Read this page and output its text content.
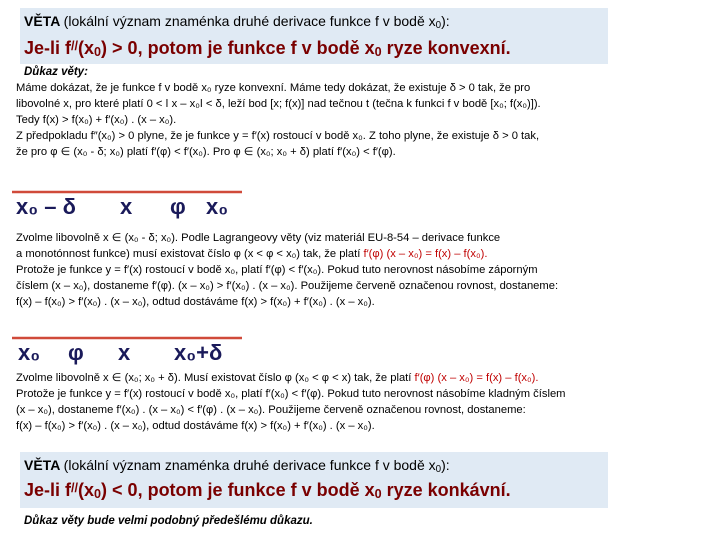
VĚTA (lokální význam znaménka druhé derivace funkce f v bodě $x_0$):
Je-li $f^{//}(x_0) > 0$, potom je funkce f v bodě $x_0$ ryze konvexní.
Důkaz věty:
Máme dokázat, že je funkce f v bodě x₀ ryze konvexní. Máme tedy dokázat, že existuje δ > 0 tak, že pro
libovolné x, pro které platí 0 < ǀ x – x₀ǀ < δ, leží bod [x; f(x)] nad tečnou t (tečna k funkci f v bodě [x₀; f(x₀)]).
Tedy f(x) > f(x₀) + f′(x₀) . (x – x₀).
Z předpokladu f″(x₀) > 0 plyne, že je funkce y = f′(x) rostoucí v bodě x₀. Z toho plyne, že existuje δ > 0 tak,
že pro φ ∈ (x₀ - δ; x₀) platí f′(φ) < f′(x₀). Pro φ ∈ (x₀; x₀ + δ) platí f′(x₀) < f′(φ).
x₀ – δ x φ x₀
Zvolme libovolně x ∈ (x₀ - δ; x₀). Podle Lagrangeovy věty (viz materiál EU-8-54 – derivace funkce
a monotónnost funkce) musí existovat číslo φ (x < φ < x₀) tak, že platí f′(φ) (x – x₀) = f(x) – f(x₀).
Protože je funkce y = f′(x) rostoucí v bodě x₀, platí f′(φ) < f′(x₀). Pokud tuto nerovnost násobíme záporným
číslem (x – x₀), dostaneme f′(φ). (x – x₀) > f′(x₀) . (x – x₀). Použijeme červeně označenou rovnost, dostaneme:
f(x) – f(x₀) > f′(x₀) . (x – x₀), odtud dostáváme f(x) > f(x₀) + f′(x₀) . (x – x₀).
x₀ φ x x₀+δ
Zvolme libovolně x ∈ (x₀; x₀ + δ). Musí existovat číslo φ (x₀ < φ < x) tak, že platí f′(φ) (x – x₀) = f(x) – f(x₀).
Protože je funkce y = f′(x) rostoucí v bodě x₀, platí f′(x₀) < f′(φ). Pokud tuto nerovnost násobíme kladným číslem
(x – x₀), dostaneme f′(x₀) . (x – x₀) < f′(φ) . (x – x₀). Použijeme červeně označenou rovnost, dostaneme:
f(x) – f(x₀) > f′(x₀) . (x – x₀), odtud dostáváme f(x) > f(x₀) + f′(x₀) . (x – x₀).
VĚTA (lokální význam znaménka druhé derivace funkce f v bodě $x_0$):
Je-li $f^{//}(x_0) < 0$, potom je funkce f v bodě $x_0$ ryze konkávní.
Důkaz věty bude velmi podobný předešlému důkazu.
